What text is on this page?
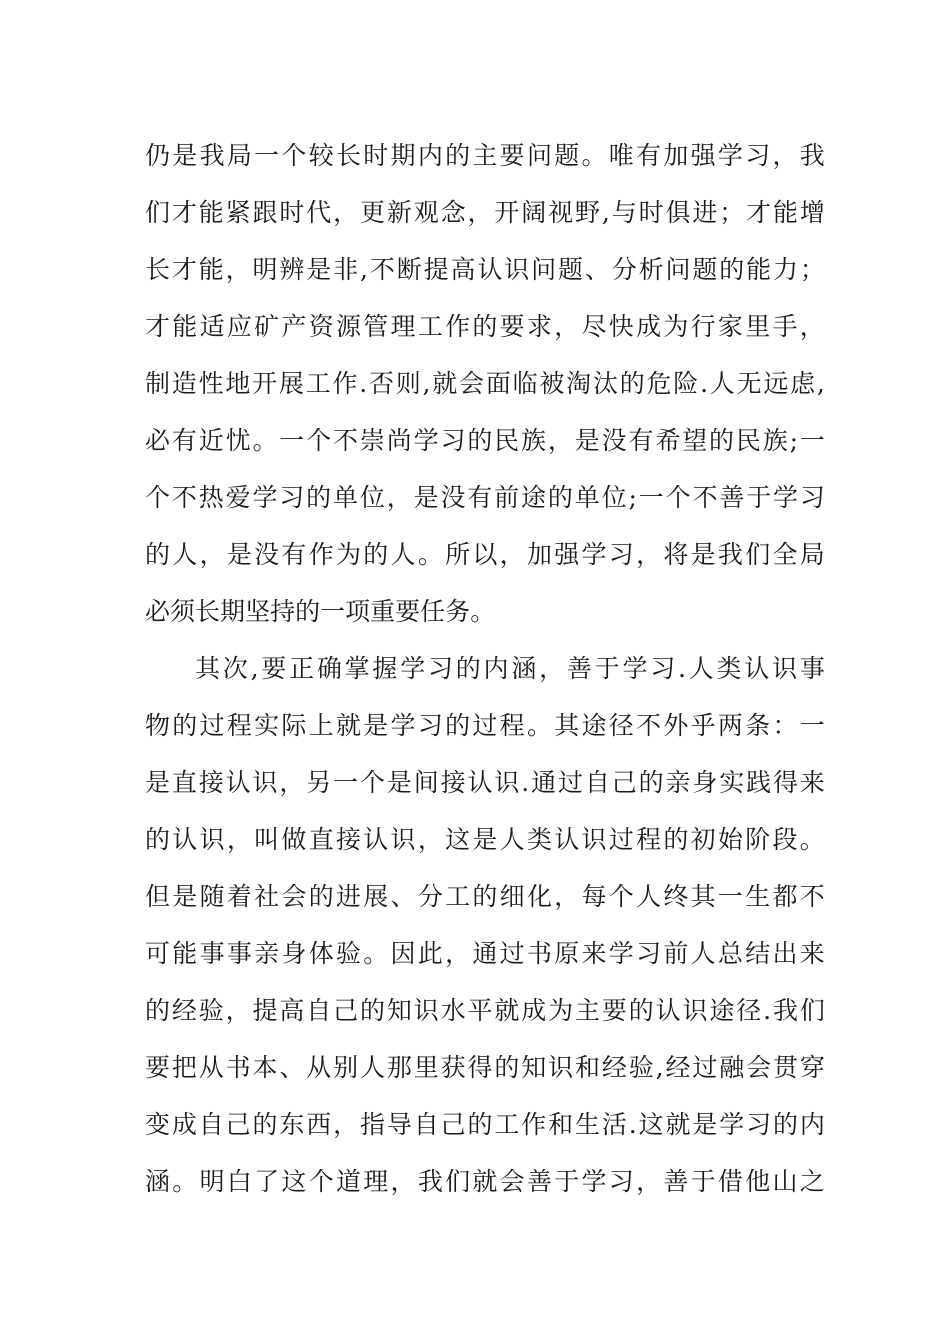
仍 是 我 局 一 个 较 长 时 期 内 的 主 要 问 题 。 唯 有 加 强 学 习 ， 我
们 才 能 紧 跟 时 代 ， 更 新 观 念 ， 开 阔 视 野 , 与 时 俱 进 ； 才 能 增
长 才 能 ， 明 辨 是 非 , 不 断 提 高 认 识 问 题 、 分 析 问 题 的 能 力 ；
才 能 适 应 矿 产 资 源 管 理 工 作 的 要 求 ， 尽 快 成 为 行 家 里 手 ，
制 造 性 地 开 展 工 作 . 否 则 , 就 会 面 临 被 淘 汰 的 危 险 . 人 无 远 虑 ,
必 有 近 忧 。 一 个 不 崇 尚 学 习 的 民 族 ， 是 没 有 希 望 的 民 族 ; 一
个 不 热 爱 学 习 的 单 位 ， 是 没 有 前 途 的 单 位 ; 一 个 不 善 于 学 习
的 人 ， 是 没 有 作 为 的 人 。 所 以 ， 加 强 学 习 ， 将 是 我 们 全 局
必 须 长 期 坚 持 的 一 项 重 要 任 务 。
其 次 , 要 正 确 掌 握 学 习 的 内 涵 ， 善 于 学 习 . 人 类 认 识 事
物 的 过 程 实 际 上 就 是 学 习 的 过 程 。 其 途 径 不 外 乎 两 条 ： 一
是 直 接 认 识 ， 另 一 个 是 间 接 认 识 . 通 过 自 己 的 亲 身 实 践 得 来
的 认 识 ， 叫 做 直 接 认 识 ， 这 是 人 类 认 识 过 程 的 初 始 阶 段 。
但 是 随 着 社 会 的 进 展 、 分 工 的 细 化 ， 每 个 人 终 其 一 生 都 不
可 能 事 事 亲 身 体 验 。 因 此 ， 通 过 书 原 来 学 习 前 人 总 结 出 来
的 经 验 ， 提 高 自 己 的 知 识 水 平 就 成 为 主 要 的 认 识 途 径 . 我 们
要 把 从 书 本 、 从 别 人 那 里 获 得 的 知 识 和 经 验 , 经 过 融 会 贯 穿
变 成 自 己 的 东 西 ， 指 导 自 己 的 工 作 和 生 活 . 这 就 是 学 习 的 内
涵 。 明 白 了 这 个 道 理 ， 我 们 就 会 善 于 学 习 ， 善 于 借 他 山 之
